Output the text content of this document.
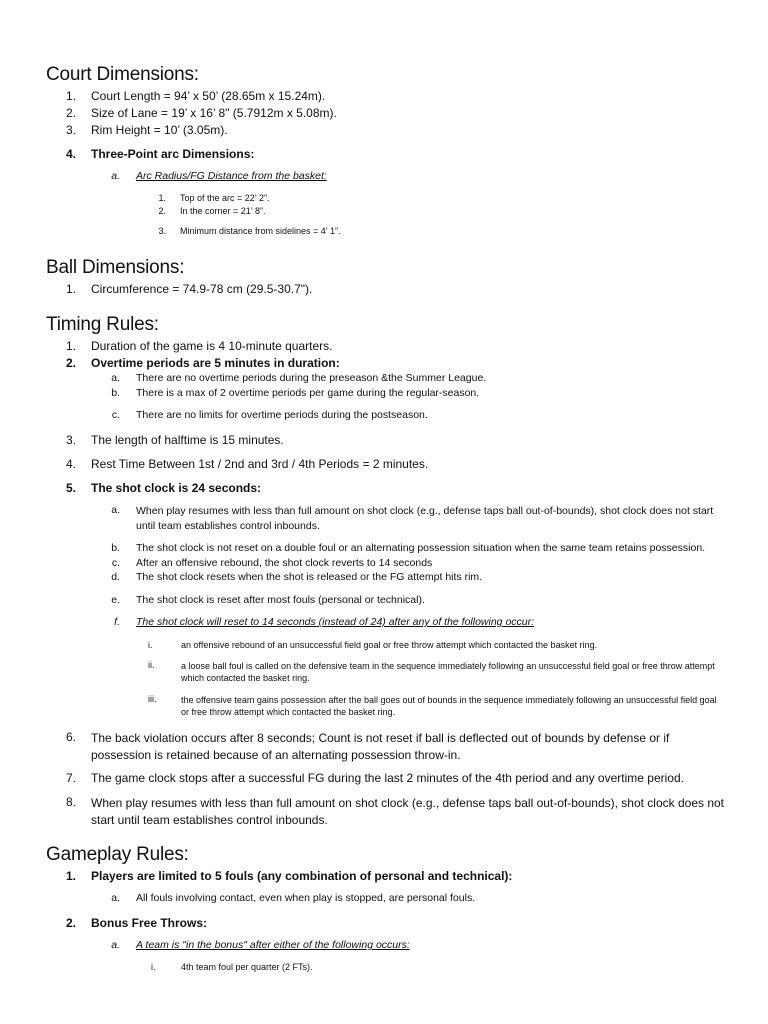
Court Dimensions:
1. Court Length = 94’ x 50’ (28.65m x 15.24m).
2. Size of Lane = 19’ x 16’ 8" (5.7912m x 5.08m).
3. Rim Height = 10’ (3.05m).
4. Three-Point arc Dimensions:
a. Arc Radius/FG Distance from the basket:
1. Top of the arc = 22’ 2”.
2. In the corner = 21’ 8”.
3. Minimum distance from sidelines = 4’ 1”.
Ball Dimensions:
1. Circumference = 74.9-78 cm (29.5-30.7").
Timing Rules:
1. Duration of the game is 4 10-minute quarters.
2. Overtime periods are 5 minutes in duration:
a. There are no overtime periods during the preseason &the Summer League.
b. There is a max of 2 overtime periods per game during the regular-season.
c. There are no limits for overtime periods during the postseason.
3. The length of halftime is 15 minutes.
4. Rest Time Between 1st / 2nd and 3rd / 4th Periods = 2 minutes.
5. The shot clock is 24 seconds:
a. When play resumes with less than full amount on shot clock (e.g., defense taps ball out-of-bounds), shot clock does not start until team establishes control inbounds.
b. The shot clock is not reset on a double foul or an alternating possession situation when the same team retains possession.
c. After an offensive rebound, the shot clock reverts to 14 seconds
d. The shot clock resets when the shot is released or the FG attempt hits rim.
e. The shot clock is reset after most fouls (personal or technical).
f. The shot clock will reset to 14 seconds (instead of 24) after any of the following occur:
i.	an offensive rebound of an unsuccessful field goal or free throw attempt which contacted the basket ring.
ii.	a loose ball foul is called on the defensive team in the sequence immediately following an unsuccessful field goal or free throw attempt which contacted the basket ring.
iii.	the offensive team gains possession after the ball goes out of bounds in the sequence immediately following an unsuccessful field goal or free throw attempt which contacted the basket ring.
6. The back violation occurs after 8 seconds; Count is not reset if ball is deflected out of bounds by defense or if possession is retained because of an alternating possession throw-in.
7. The game clock stops after a successful FG during the last 2 minutes of the 4th period and any overtime period.
8. When play resumes with less than full amount on shot clock (e.g., defense taps ball out-of-bounds), shot clock does not start until team establishes control inbounds.
Gameplay Rules:
1. Players are limited to 5 fouls (any combination of personal and technical):
a. All fouls involving contact, even when play is stopped, are personal fouls.
2. Bonus Free Throws:
a. A team is "in the bonus" after either of the following occurs:
i.	4th team foul per quarter (2 FTs).
